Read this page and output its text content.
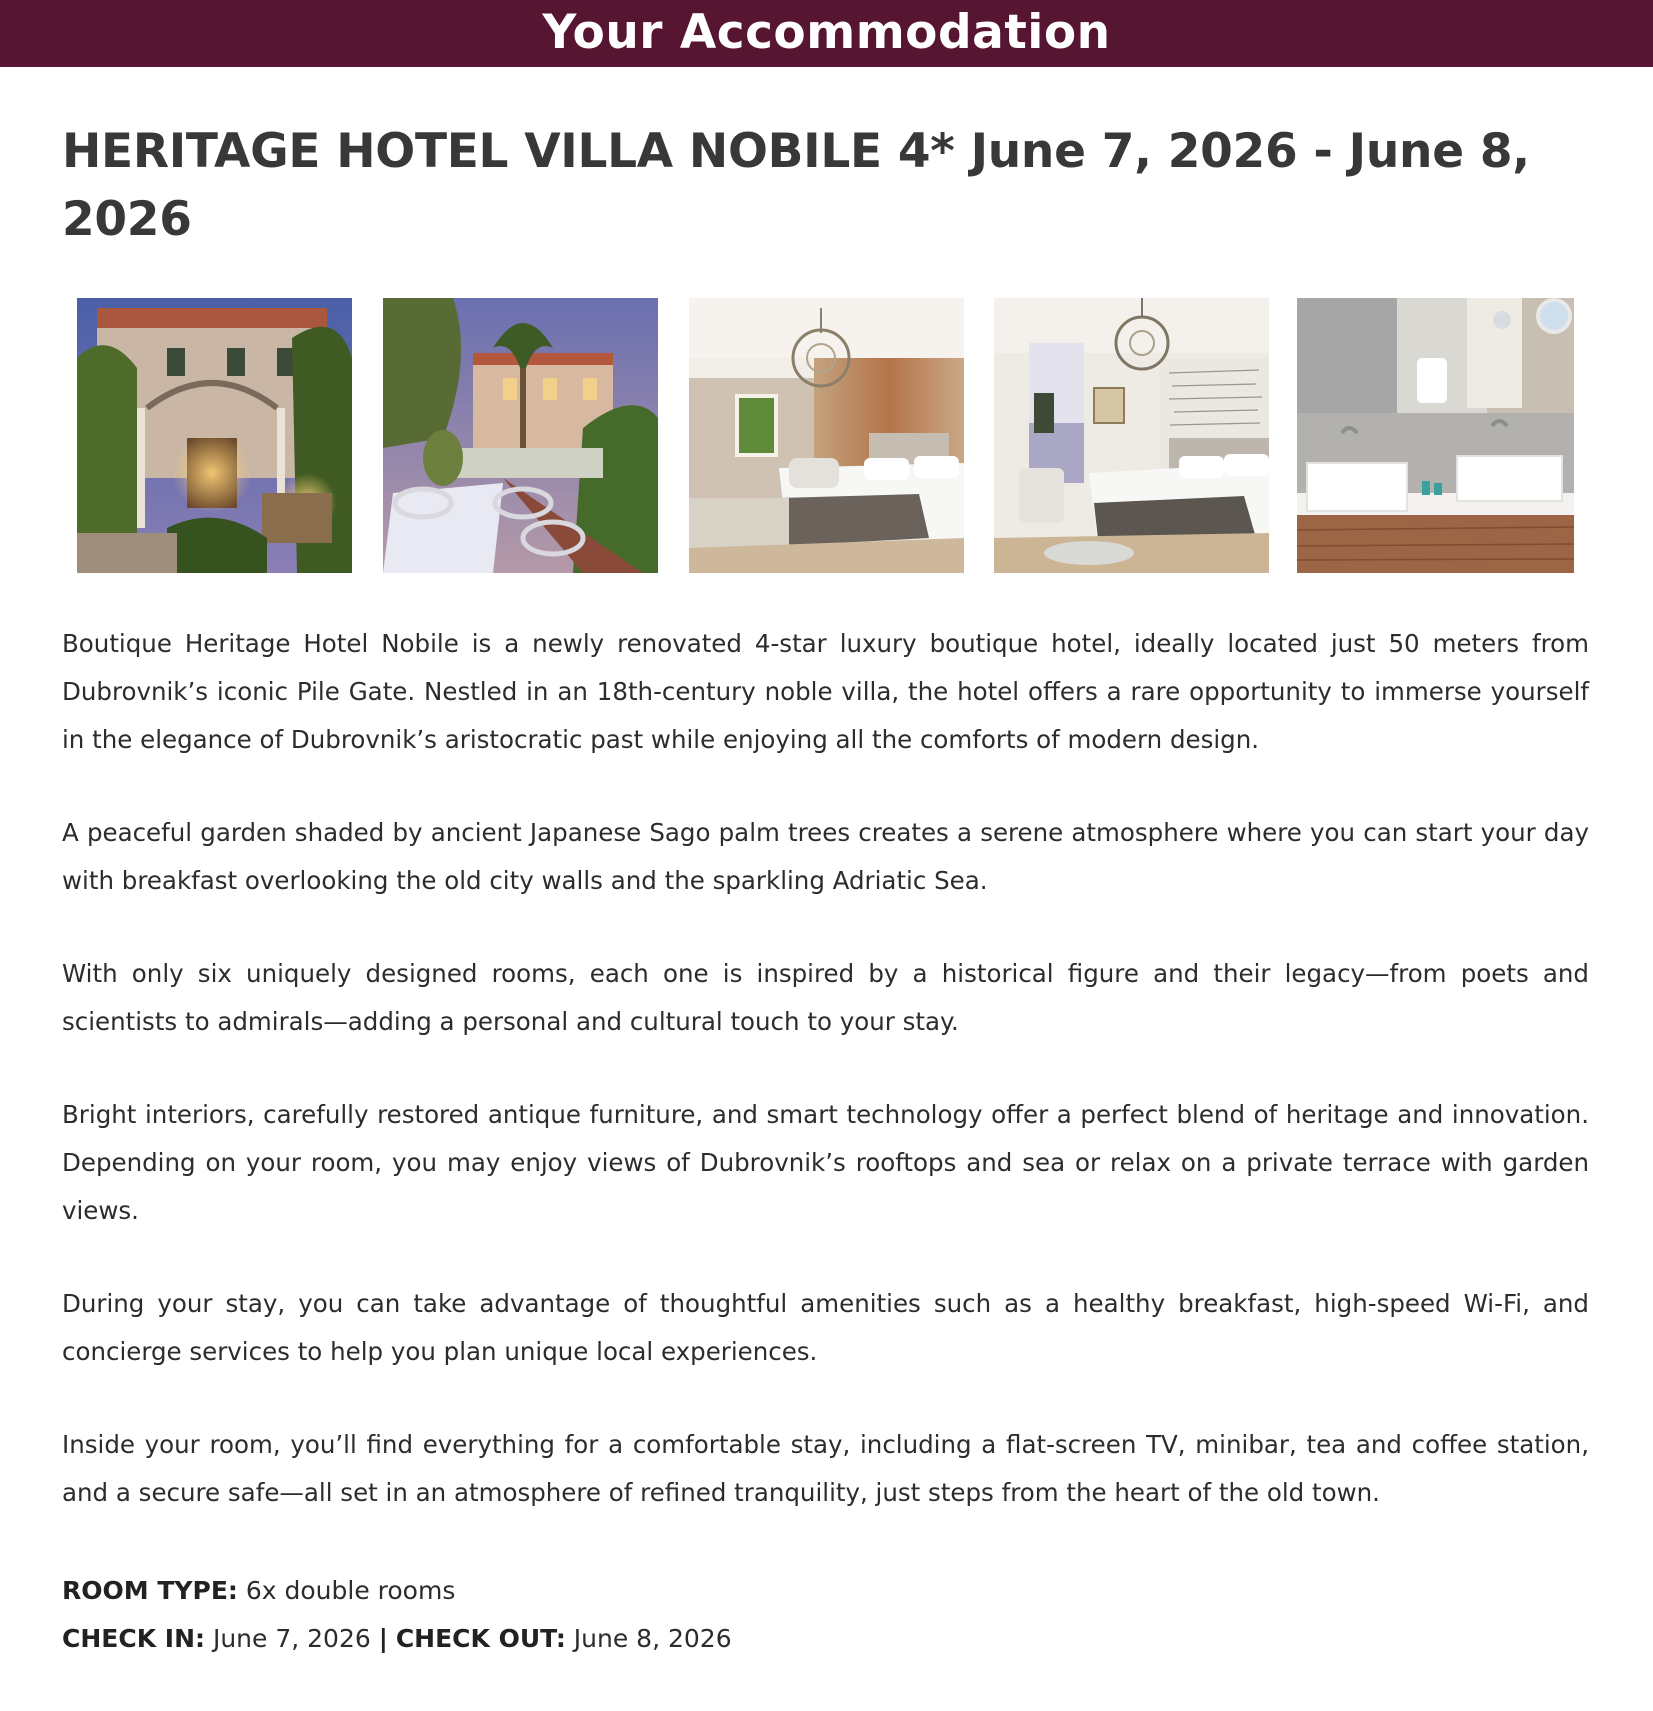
Your Accommodation
HERITAGE HOTEL VILLA NOBILE 4* June 7, 2026 - June 8, 2026

Boutique Heritage Hotel Nobile is a newly renovated 4-star luxury boutique hotel, ideally located just 50 meters from Dubrovnik’s iconic Pile Gate. Nestled in an 18th-century noble villa, the hotel offers a rare opportunity to immerse yourself in the elegance of Dubrovnik’s aristocratic past while enjoying all the comforts of modern design.

A peaceful garden shaded by ancient Japanese Sago palm trees creates a serene atmosphere where you can start your day with breakfast overlooking the old city walls and the sparkling Adriatic Sea.

With only six uniquely designed rooms, each one is inspired by a historical figure and their legacy—from poets and scientists to admirals—adding a personal and cultural touch to your stay.

Bright interiors, carefully restored antique furniture, and smart technology offer a perfect blend of heritage and innovation. Depending on your room, you may enjoy views of Dubrovnik’s rooftops and sea or relax on a private terrace with garden views.

During your stay, you can take advantage of thoughtful amenities such as a healthy breakfast, high-speed Wi-Fi, and concierge services to help you plan unique local experiences.

Inside your room, you’ll find everything for a comfortable stay, including a flat-screen TV, minibar, tea and coffee station, and a secure safe—all set in an atmosphere of refined tranquility, just steps from the heart of the old town.

ROOM TYPE: 6x double rooms
CHECK IN: June 7, 2026 | CHECK OUT: June 8, 2026
